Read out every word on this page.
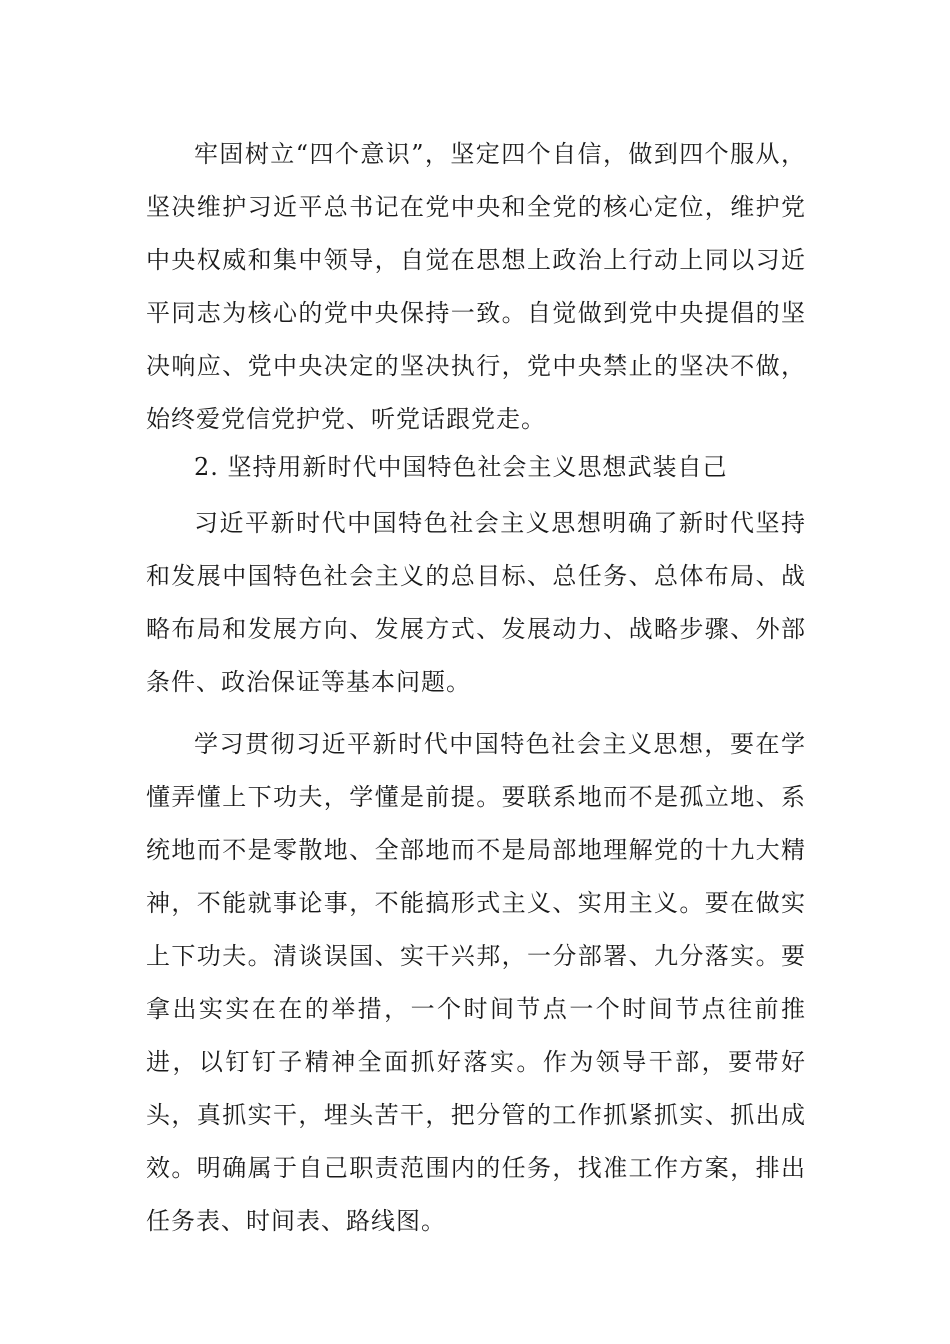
牢固树立“四个意识”，坚定四个自信，做到四个服从，坚决维护习近平总书记在党中央和全党的核心定位，维护党中央权威和集中领导，自觉在思想上政治上行动上同以习近平同志为核心的党中央保持一致。自觉做到党中央提倡的坚决响应、党中央决定的坚决执行，党中央禁止的坚决不做，始终爱党信党护党、听党话跟党走。

2. 坚持用新时代中国特色社会主义思想武装自己

习近平新时代中国特色社会主义思想明确了新时代坚持和发展中国特色社会主义的总目标、总任务、总体布局、战略布局和发展方向、发展方式、发展动力、战略步骤、外部条件、政治保证等基本问题。

学习贯彻习近平新时代中国特色社会主义思想，要在学懂弄懂上下功夫，学懂是前提。要联系地而不是孤立地、系统地而不是零散地、全部地而不是局部地理解党的十九大精神，不能就事论事，不能搞形式主义、实用主义。要在做实上下功夫。清谈误国、实干兴邦，一分部署、九分落实。要拿出实实在在的举措，一个时间节点一个时间节点往前推进，以钉钉子精神全面抓好落实。作为领导干部，要带好头，真抓实干，埋头苦干，把分管的工作抓紧抓实、抓出成效。明确属于自己职责范围内的任务，找准工作方案，排出任务表、时间表、路线图。
